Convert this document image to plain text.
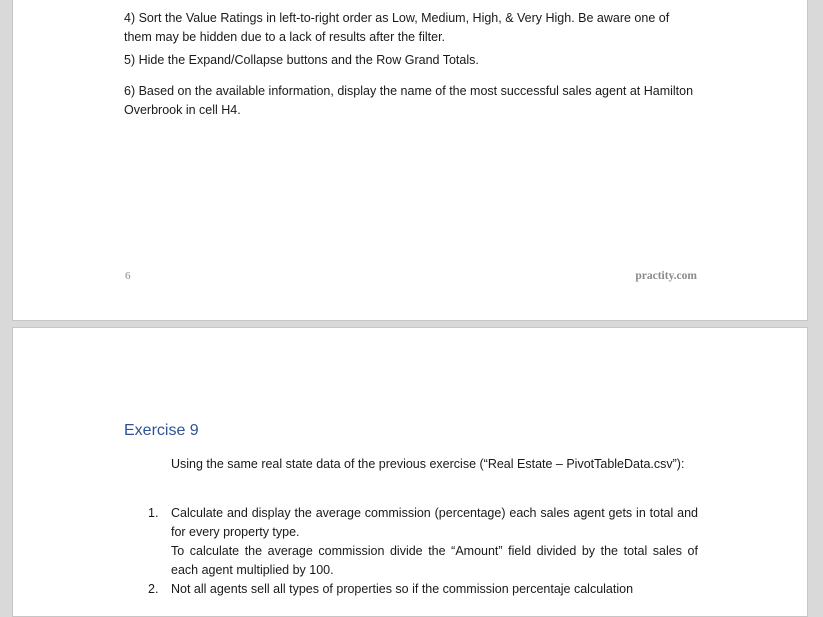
4) Sort the Value Ratings in left-to-right order as Low, Medium, High, & Very High. Be aware one of them may be hidden due to a lack of results after the filter.
5) Hide the Expand/Collapse buttons and the Row Grand Totals.
6) Based on the available information, display the name of the most successful sales agent at Hamilton Overbrook in cell H4.
6	practity.com
Exercise 9
Using the same real state data of the previous exercise (“Real Estate – PivotTableData.csv”):
1. Calculate and display the average commission (percentage) each sales agent gets in total and for every property type.
To calculate the average commission divide the “Amount” field divided by the total sales of each agent multiplied by 100.
2. Not all agents sell all types of properties so if the commission percentaje calculation
